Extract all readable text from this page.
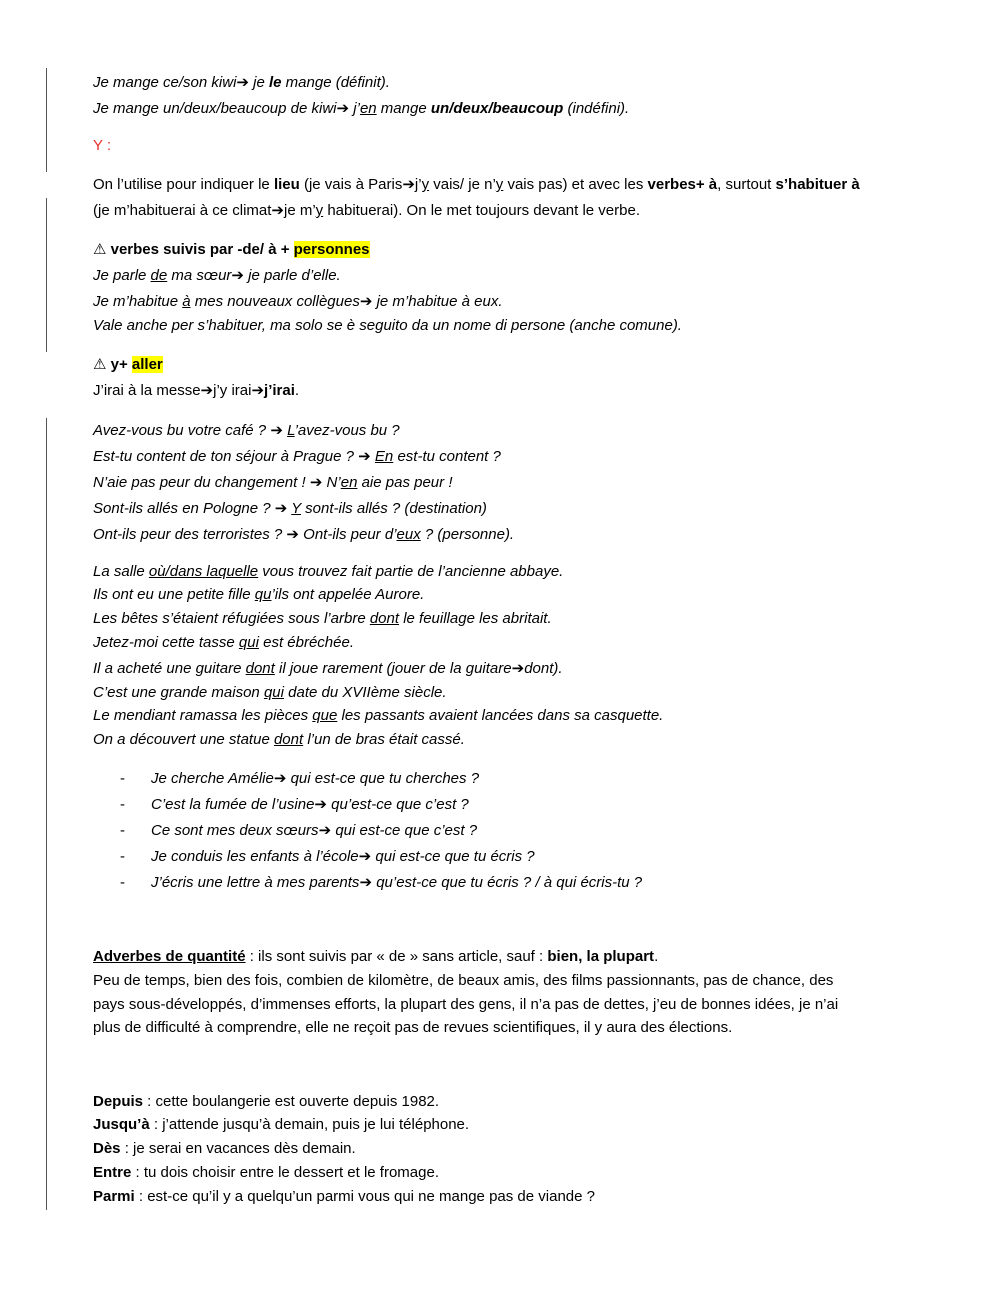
Je mange ce/son kiwi➔ je le mange (définit).
Je mange un/deux/beaucoup de kiwi➔ j’en mange un/deux/beaucoup (indéfini).
Y :
On l’utilise pour indiquer le lieu (je vais à Paris➔j’y vais/ je n’y vais pas) et avec les verbes+ à, surtout s’habituer à
(je m’habituerai à ce climat➔je m’y habituerai). On le met toujours devant le verbe.
⚠ verbes suivis par -de/ à + personnes
Je parle de ma sœur➔ je parle d’elle.
Je m’habitue à mes nouveaux collègues➔ je m’habitue à eux.
Vale anche per s’habituer, ma solo se è seguito da un nome di persone (anche comune).
⚠ y+ aller
J’irai à la messe➔j’y irai➔j’irai.
Avez-vous bu votre café ? ➔ L’avez-vous bu ?
Est-tu content de ton séjour à Prague ? ➔ En est-tu content ?
N’aie pas peur du changement ! ➔ N’en aie pas peur !
Sont-ils allés en Pologne ? ➔ Y sont-ils allés ? (destination)
Ont-ils peur des terroristes ? ➔ Ont-ils peur d’eux ? (personne).
La salle où/dans laquelle vous trouvez fait partie de l’ancienne abbaye.
Ils ont eu une petite fille qu’ils ont appelée Aurore.
Les bêtes s’étaient réfugiées sous l’arbre dont le feuillage les abritait.
Jetez-moi cette tasse qui est ébréchée.
Il a acheté une guitare dont il joue rarement (jouer de la guitare➔dont).
C’est une grande maison qui date du XVIIème siècle.
Le mendiant ramassa les pièces que les passants avaient lancées dans sa casquette.
On a découvert une statue dont l’un de bras était cassé.
- Je cherche Amélie➔ qui est-ce que tu cherches ?
- C’est la fumée de l’usine➔ qu’est-ce que c’est ?
- Ce sont mes deux sœurs➔ qui est-ce que c’est ?
- Je conduis les enfants à l’école➔ qui est-ce que tu écris ?
- J’écris une lettre à mes parents➔ qu’est-ce que tu écris ? / à qui écris-tu ?
Adverbes de quantité : ils sont suivis par « de » sans article, sauf : bien, la plupart.
Peu de temps, bien des fois, combien de kilomètre, de beaux amis, des films passionnants, pas de chance, des
pays sous-développés, d’immenses efforts, la plupart des gens, il n’a pas de dettes, j’eu de bonnes idées, je n’ai
plus de difficulté à comprendre, elle ne reçoit pas de revues scientifiques, il y aura des élections.
Depuis : cette boulangerie est ouverte depuis 1982.
Jusqu’à : j’attende jusqu’à demain, puis je lui téléphone.
Dès : je serai en vacances dès demain.
Entre : tu dois choisir entre le dessert et le fromage.
Parmi : est-ce qu’il y a quelqu’un parmi vous qui ne mange pas de viande ?
